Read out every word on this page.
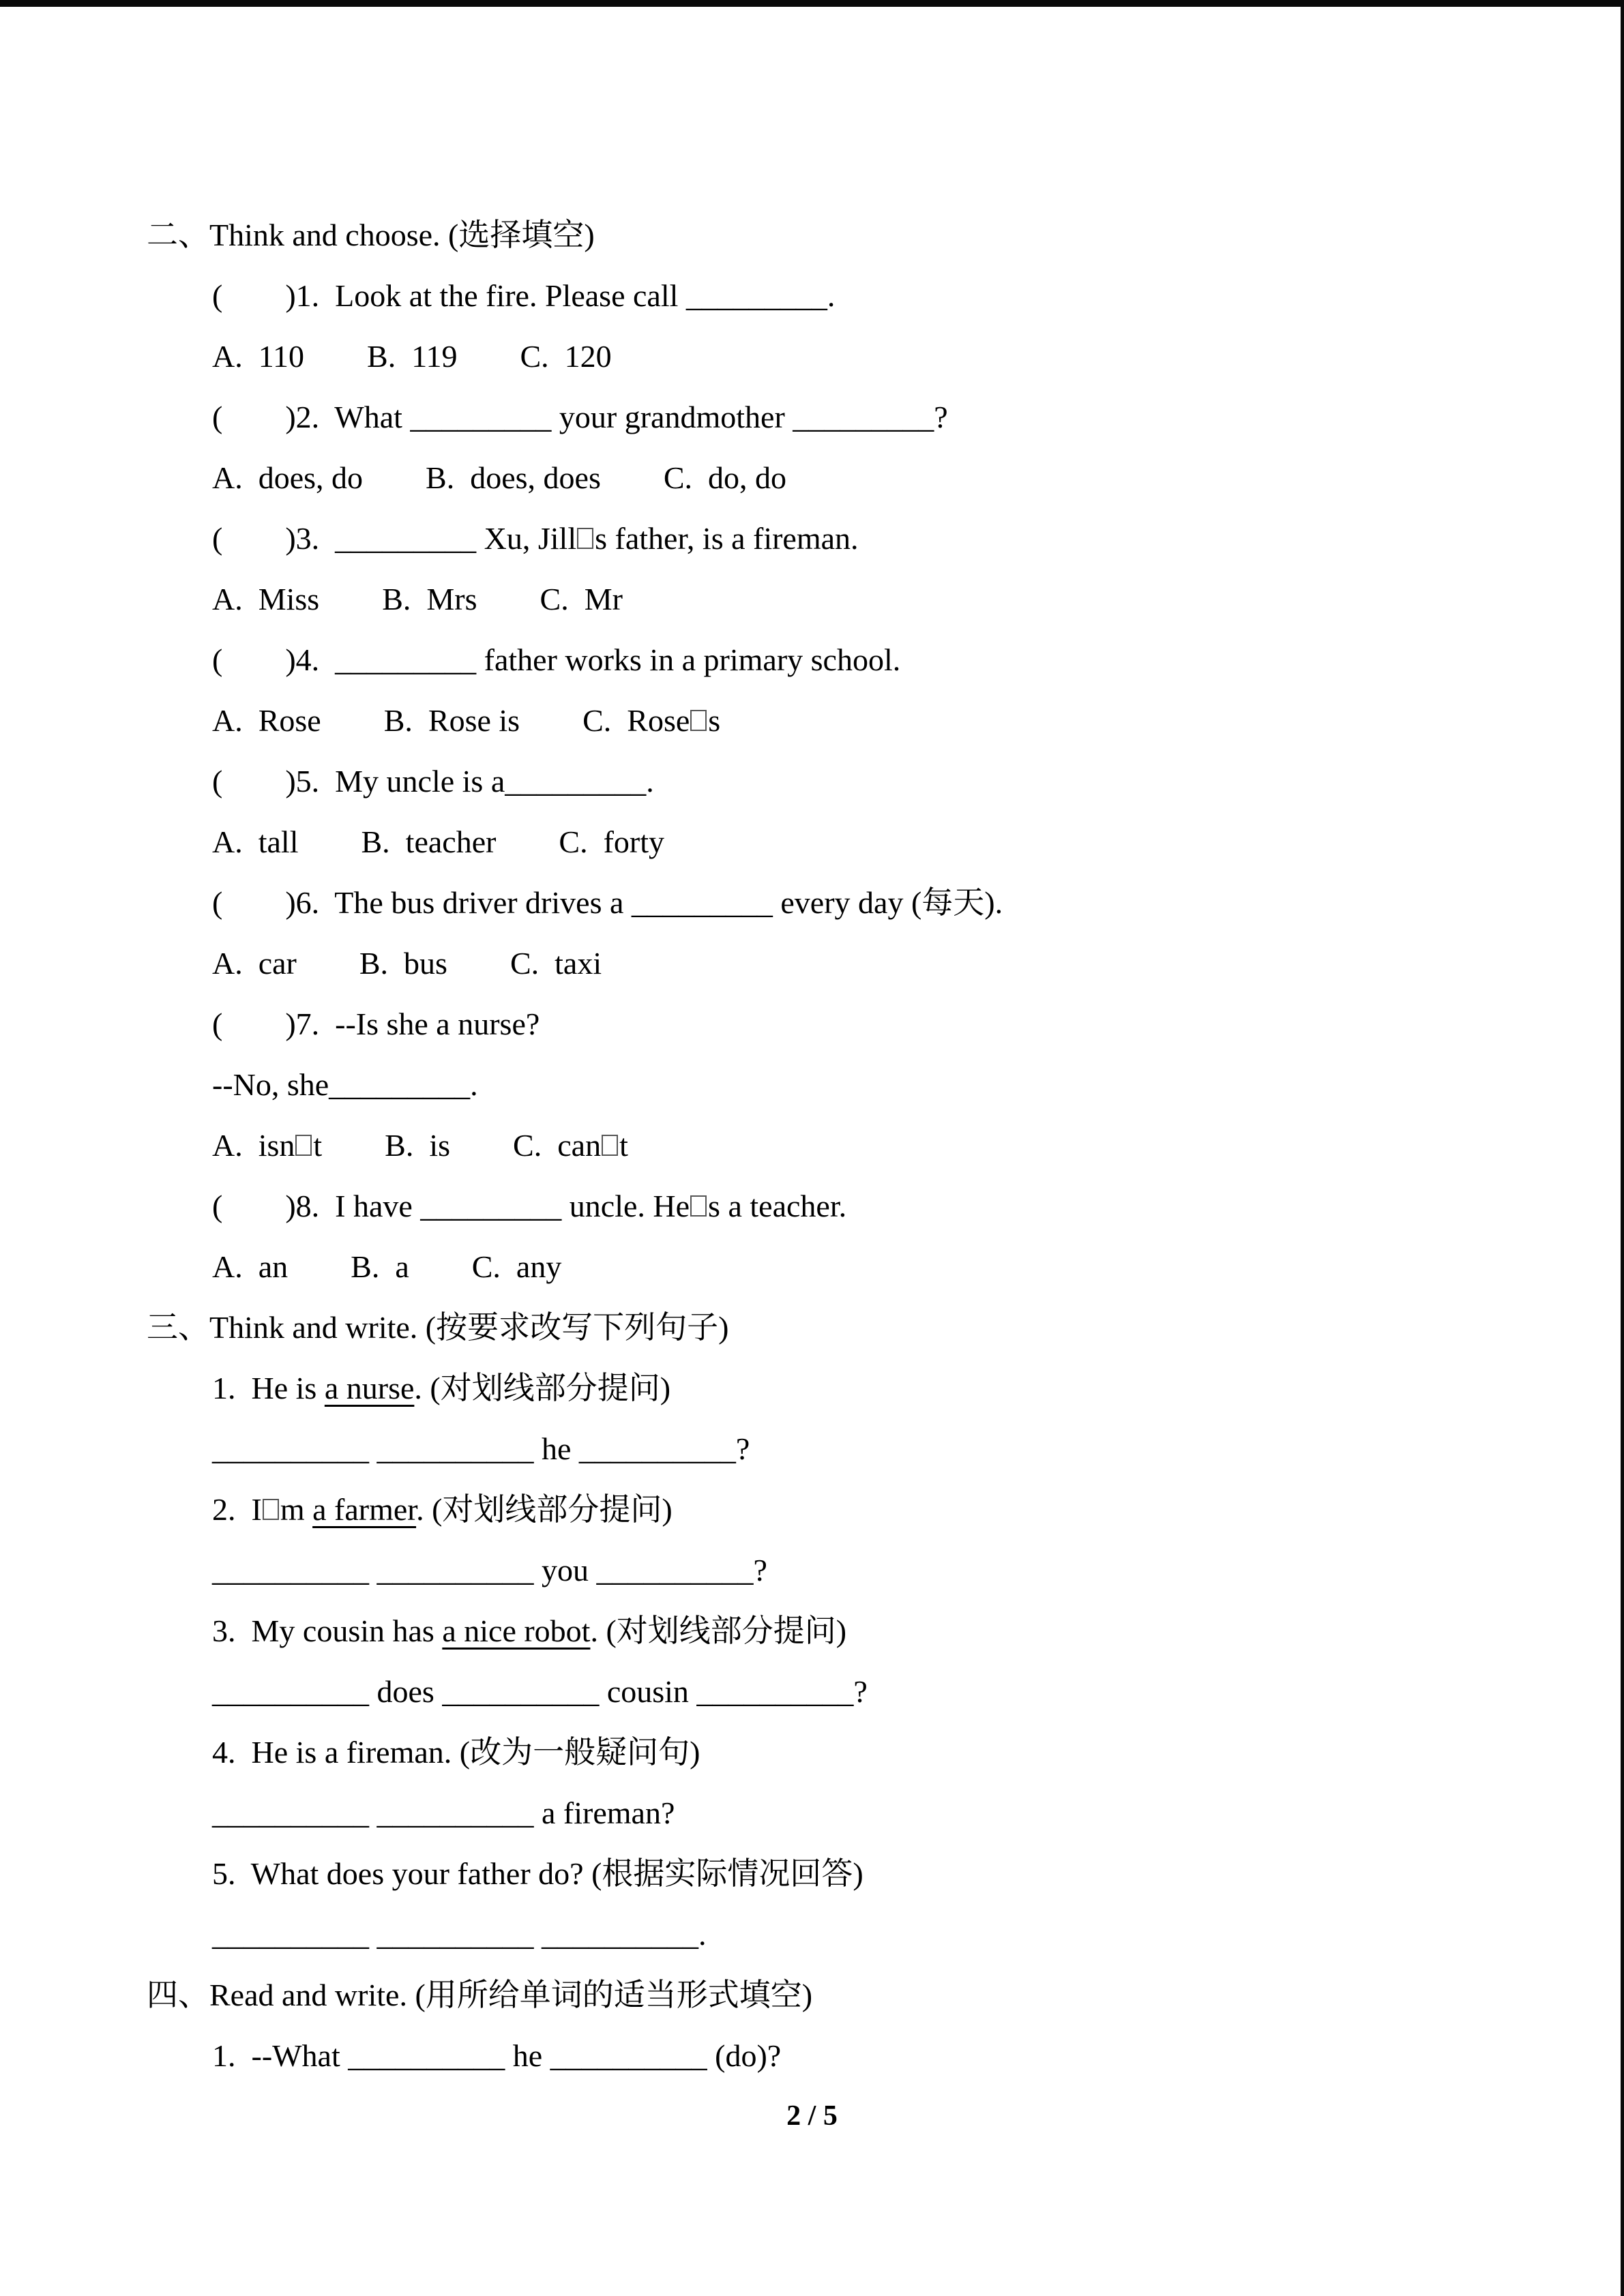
二、Think and choose. (选择填空)
(        )1.  Look at the fire. Please call _________.
A.  110        B.  119        C.  120
(        )2.  What _________ your grandmother _________?
A.  does, do        B.  does, does        C.  do, do
(        )3.  _________ Xu, Jill s father, is a fireman.
A.  Miss        B.  Mrs        C.  Mr
(        )4.  _________ father works in a primary school.
A.  Rose        B.  Rose is        C.  Rose s
(        )5.  My uncle is a_________.
A.  tall        B.  teacher        C.  forty
(        )6.  The bus driver drives a _________ every day (每天).
A.  car        B.  bus        C.  taxi
(        )7.  --Is she a nurse?
--No, she_________.
A.  isn t        B.  is        C.  can t
(        )8.  I have _________ uncle. He s a teacher.
A.  an        B.  a        C.  any
三、Think and write. (按要求改写下列句子)
1.  He is a nurse. (对划线部分提问)
__________ __________ he __________?
2.  I m a farmer. (对划线部分提问)
__________ __________ you __________?
3.  My cousin has a nice robot. (对划线部分提问)
__________ does __________ cousin __________?
4.  He is a fireman. (改为一般疑问句)
__________ __________ a fireman?
5.  What does your father do? (根据实际情况回答)
__________ __________ __________.
四、Read and write. (用所给单词的适当形式填空)
1.  --What __________ he __________ (do)?
2 / 5
